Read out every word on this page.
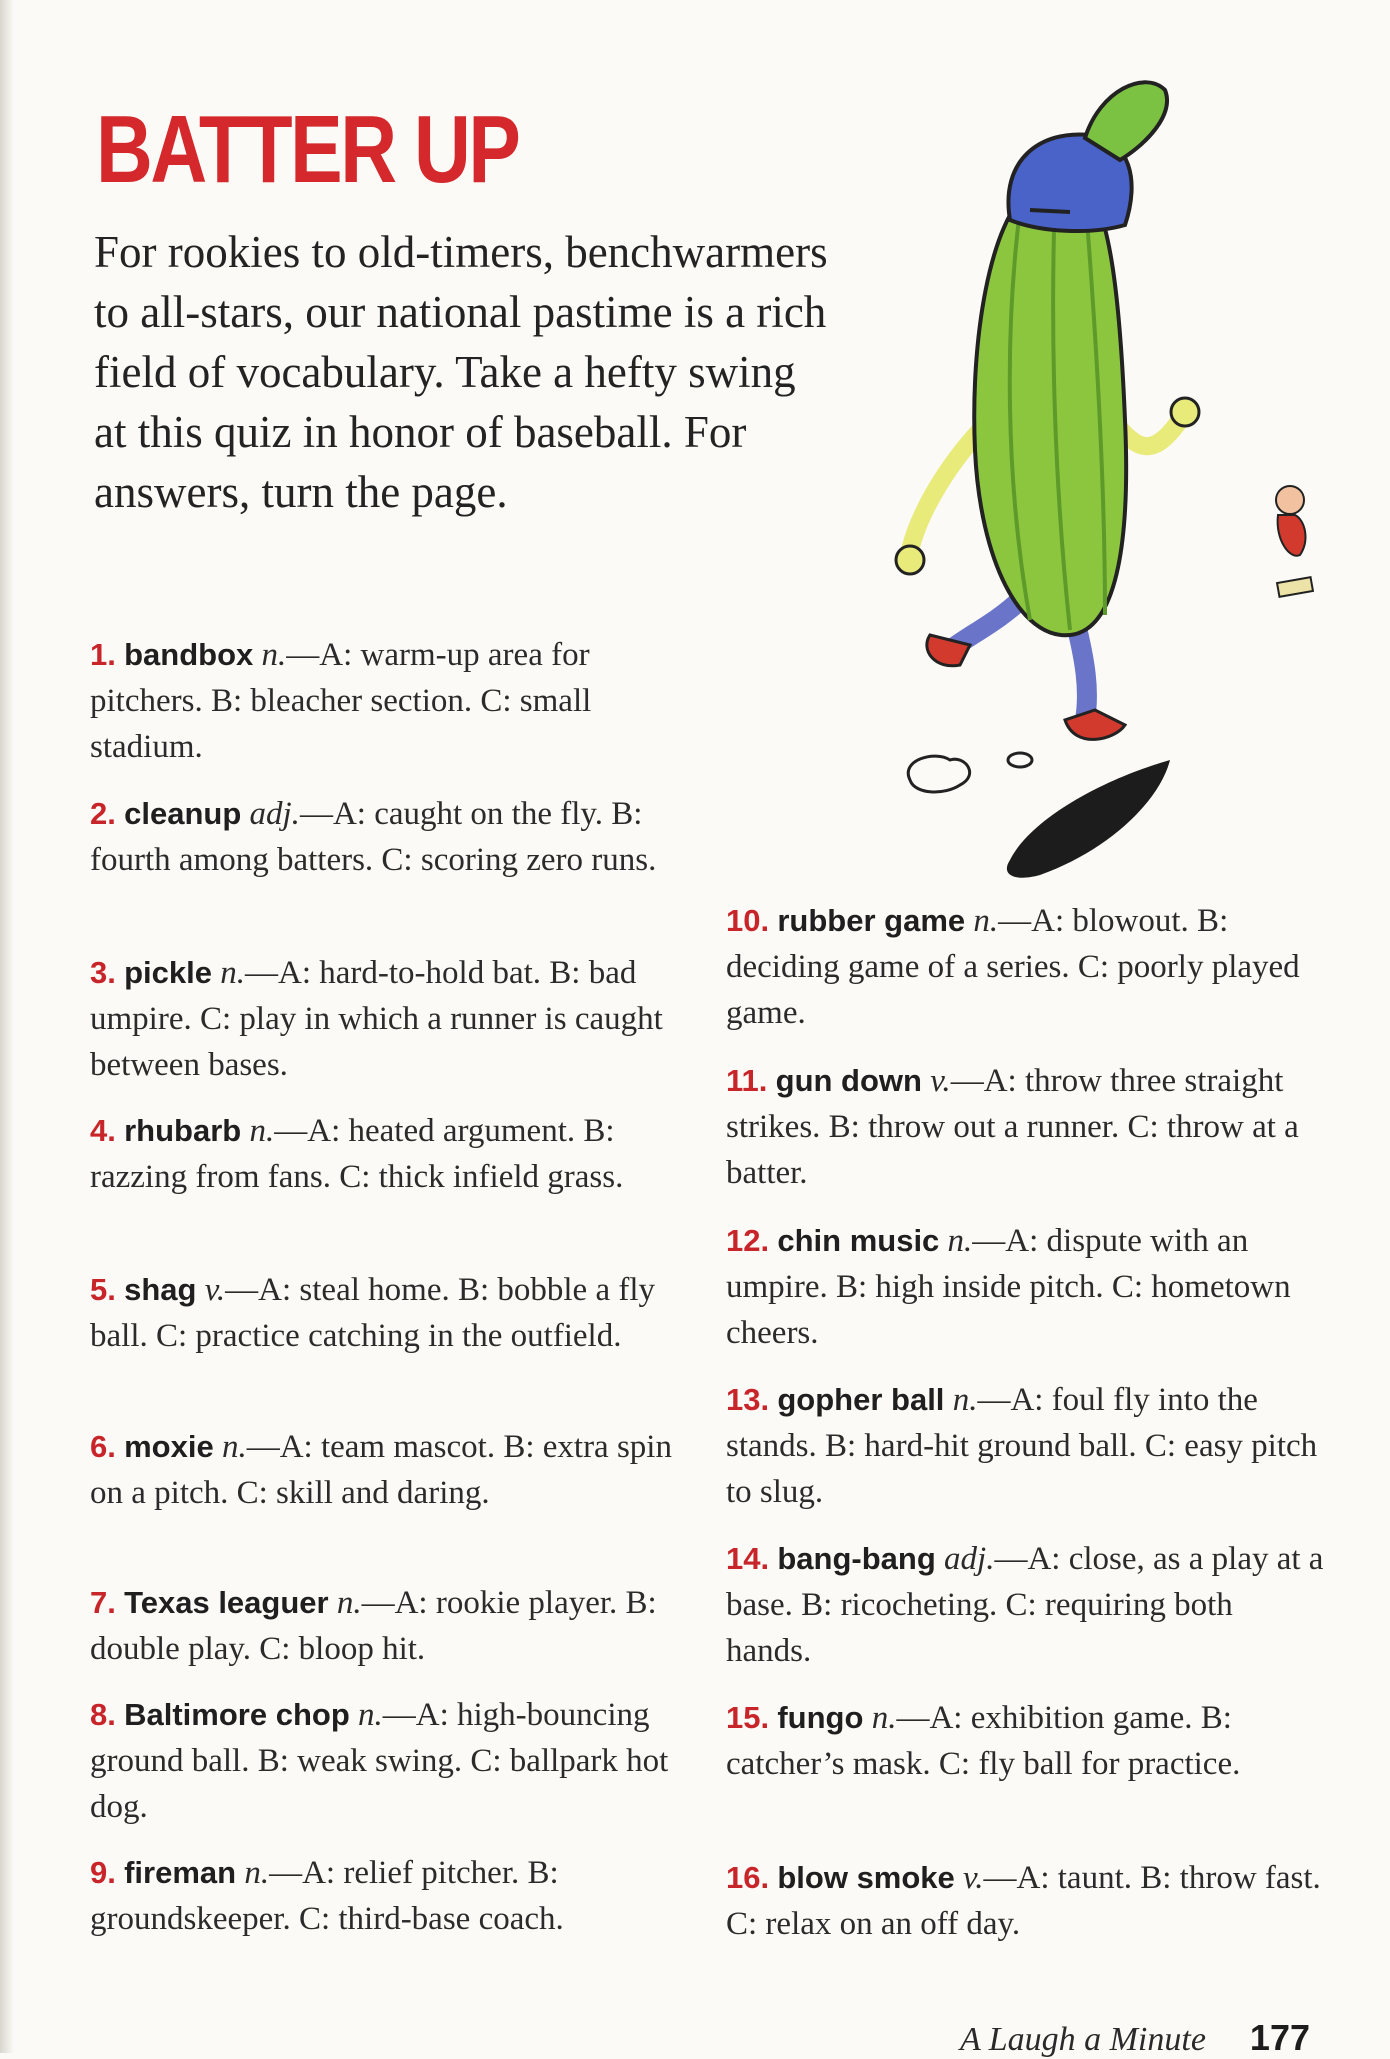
BATTER UP

For rookies to old-timers, benchwarmers to all-stars, our national pastime is a rich field of vocabulary. Take a hefty swing at this quiz in honor of baseball. For answers, turn the page.

1. bandbox n.—A: warm-up area for pitchers. B: bleacher section. C: small stadium.

2. cleanup adj.—A: caught on the fly. B: fourth among batters. C: scoring zero runs.

3. pickle n.—A: hard-to-hold bat. B: bad umpire. C: play in which a runner is caught between bases.

4. rhubarb n.—A: heated argument. B: razzing from fans. C: thick infield grass.

5. shag v.—A: steal home. B: bobble a fly ball. C: practice catching in the outfield.

6. moxie n.—A: team mascot. B: extra spin on a pitch. C: skill and daring.

7. Texas leaguer n.—A: rookie player. B: double play. C: bloop hit.

8. Baltimore chop n.—A: high-bouncing ground ball. B: weak swing. C: ballpark hot dog.

9. fireman n.—A: relief pitcher. B: groundskeeper. C: third-base coach.

10. rubber game n.—A: blowout. B: deciding game of a series. C: poorly played game.

11. gun down v.—A: throw three straight strikes. B: throw out a runner. C: throw at a batter.

12. chin music n.—A: dispute with an umpire. B: high inside pitch. C: hometown cheers.

13. gopher ball n.—A: foul fly into the stands. B: hard-hit ground ball. C: easy pitch to slug.

14. bang-bang adj.—A: close, as a play at a base. B: ricocheting. C: requiring both hands.

15. fungo n.—A: exhibition game. B: catcher’s mask. C: fly ball for practice.

16. blow smoke v.—A: taunt. B: throw fast. C: relax on an off day.

A Laugh a Minute 177
